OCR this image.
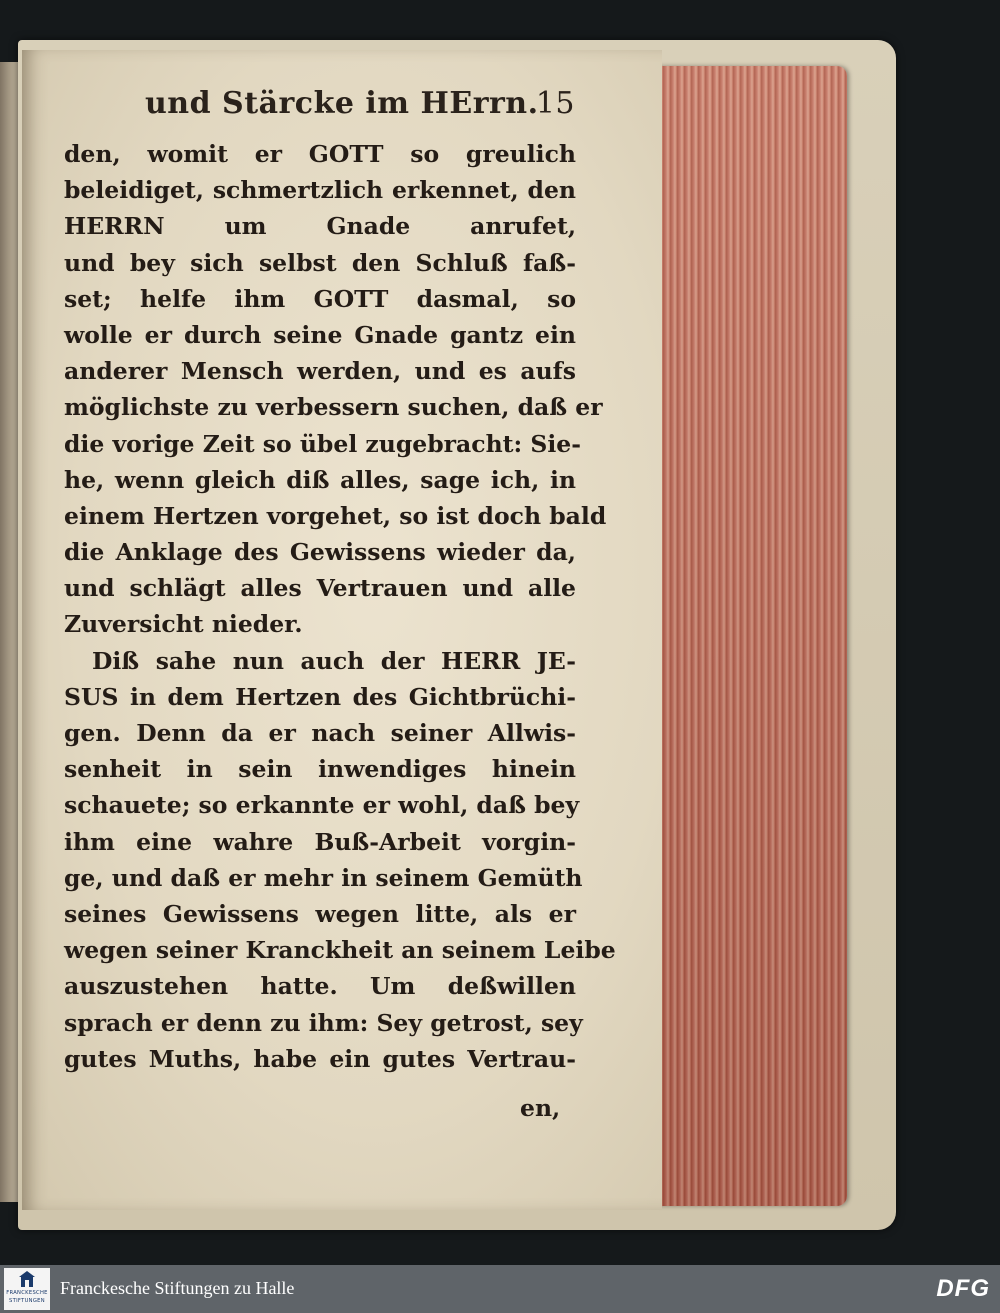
und Stärcke im HErrn.
15
den, womit er GOTT so greulich
beleidiget, schmertzlich erkennet, den
HERRN um Gnade anrufet,
und bey sich selbst den Schluß faß-
set; helfe ihm GOTT dasmal, so
wolle er durch seine Gnade gantz ein
anderer Mensch werden, und es aufs
möglichste zu verbessern suchen, daß er
die vorige Zeit so übel zugebracht: Sie-
he, wenn gleich diß alles, sage ich, in
einem Hertzen vorgehet, so ist doch bald
die Anklage des Gewissens wieder da,
und schlägt alles Vertrauen und alle
Zuversicht nieder.
Diß sahe nun auch der HERR JE-
SUS in dem Hertzen des Gichtbrüchi-
gen. Denn da er nach seiner Allwis-
senheit in sein inwendiges hinein
schauete; so erkannte er wohl, daß bey
ihm eine wahre Buß-Arbeit vorgin-
ge, und daß er mehr in seinem Gemüth
seines Gewissens wegen litte, als er
wegen seiner Kranckheit an seinem Leibe
auszustehen hatte. Um deßwillen
sprach er denn zu ihm: Sey getrost, sey
gutes Muths, habe ein gutes Vertrau-
en,
FRANCKESCHE
STIFTUNGEN
Franckesche Stiftungen zu Halle	DFG
